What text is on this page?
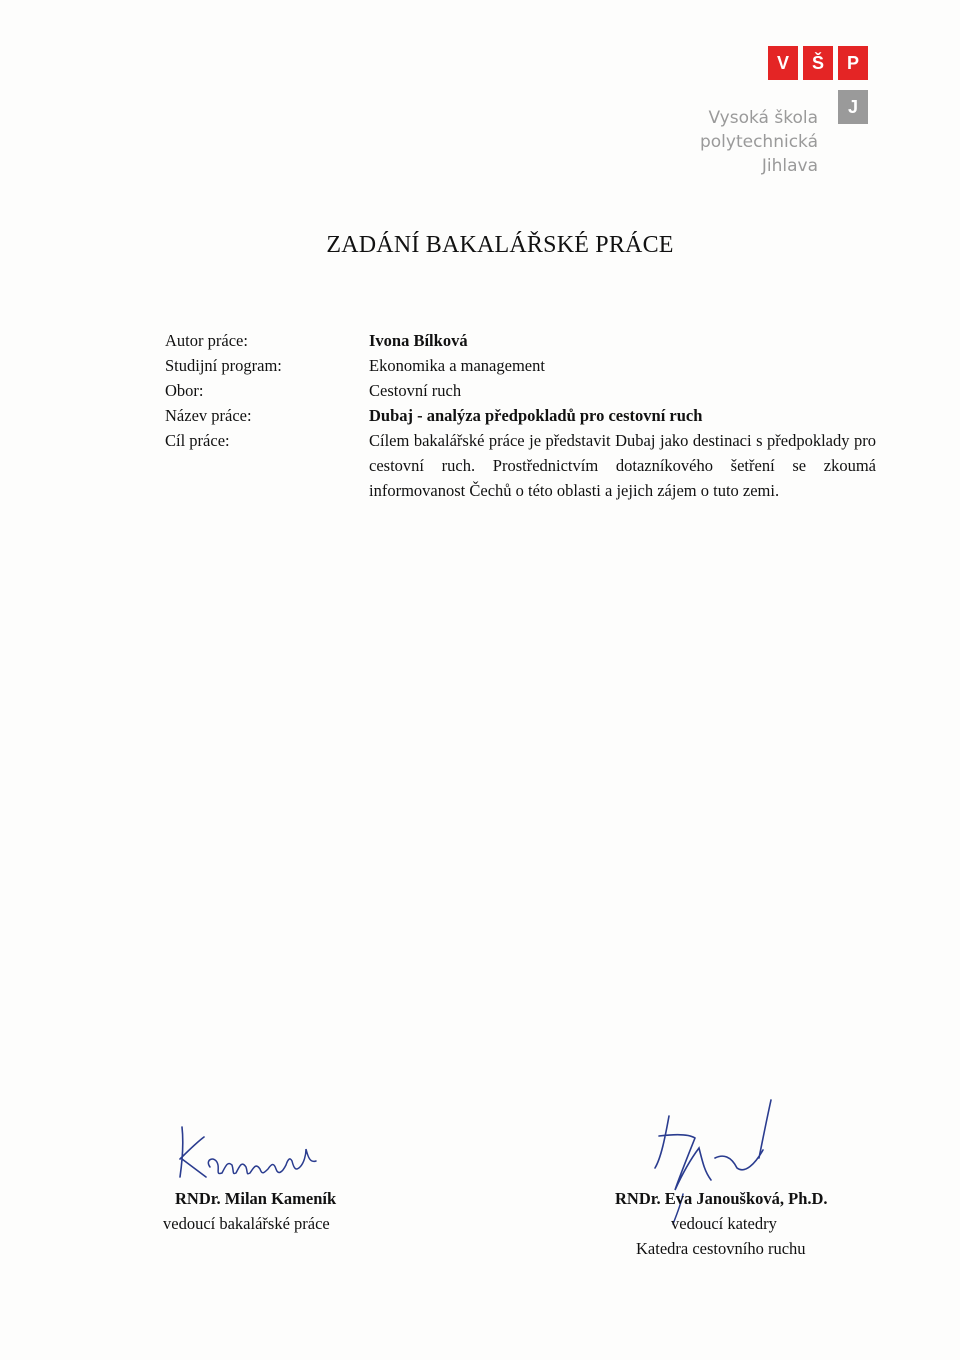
V	Š	P
J
Vysoká škola
polytechnická
Jihlava
ZADÁNÍ BAKALÁŘSKÉ PRÁCE
Autor práce:
Studijní program:
Obor:
Název práce:
Cíl práce:
Ivona Bílková
Ekonomika a management
Cestovní ruch
Dubaj - analýza předpokladů pro cestovní ruch
Cílem bakalářské práce je představit Dubaj jako destinaci s předpoklady pro cestovní ruch. Prostřednictvím dotazníkového šetření se zkoumá informovanost Čechů o této oblasti a jejich zájem o tuto zemi.
RNDr. Milan Kameník
vedoucí bakalářské práce
RNDr. Eva Janoušková, Ph.D.
vedoucí katedry
Katedra cestovního ruchu
